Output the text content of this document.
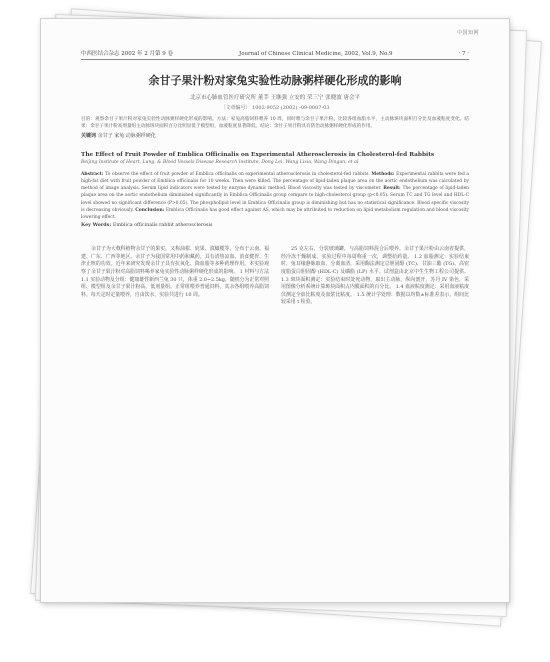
中国知网
中西医结合杂志 2002 年 2 月第 9 卷	Journal of Chinese Clinical Medicine, 2002, Vol.9, No.9	· 7 ·
余甘子果汁粉对家兔实验性动脉粥样硬化形成的影响
北京市心肺血管医疗研究所 董莘 王继强 立安的 荣三宁 张晓波 唐会平
〔文章编号〕 1002-9052 (2002) -09-0007-03
目的：观察余甘子果汁粉对家兔实验性动脉粥样硬化形成的影响。方法：家兔高脂饲料喂养 10 周，同时喂与余甘子果汁粉。比较各组血脂水平，主动脉斑块面积百分比及血液粘度变化。结果：余甘子果汁粉高剂量组主动脉斑块面积百分比明显低于模型组，血液粘度显著降低。结论：余甘子果汁粉具有防治动脉粥样硬化形成的作用。
关键词 余甘子 家兔 动脉粥样硬化
The Effect of Fruit Powder of Emblica Officinalis on Experimental Atherosclerosis in Cholesterol-fed Rabbits
Beijing Institute of Heart, Lung, & Blood Vessels Disease Research Institute, Dong Lei, Wang Lixia, Wang Dingan, et al
Abstract: To observe the effect of fruit powder of Emblica officinalis on experimental atherosclerosis in cholesterol-fed rabbits. Methods: Experimental rabbits were fed a high-fat diet with fruit powder of Emblica officinalis for 10 weeks. Then were killed. The percentage of lipid-laden plaque area on the aortic endothelium was calculated by method of image analysis. Serum lipid indicators were tested by enzyme dynamic method. Blood viscosity was tested by viscometer. Result: The percentage of lipid-laden plaque area on the aortic endothelium diminished significantly in Emblica Officinalis group compare to high-cholesterol group (p<0.05). Serum TC and TG level and HDL-C level showed no significant difference (P>0.05). The phospholipid level in Emblica Officinalis group is diminishing but has no statistical significance. Blood specific viscosity is decreasing obviously. Conclusion: Emblica Officinalis has good effect against AS, which may be attributed to reduction on lipid metabolism regulation and blood viscosity lowering effect.
Key Words: Emblica officinalis rabbit atherosclerosis

余甘子为大戟科植物余甘子的果实，又称油柑、庇果、滇橄榄等，分布于云南、福建、广东、广西等地区。余甘子为我国常用中药和藏药，具有清热凉血、消食健胃、生津止咳的功效。近年来研究发现余甘子具有抗氧化、降血脂等多种药理作用。本实验观察了余甘子果汁粉对高脂饲料喝养家兔实验性动脉粥样硬化形成的影响。 1 材料与方法 1.1 实验动物及分组：健康雄性新西兰兔 30 只，体重 2.0~2.5kg，随机分为正常对照组、模型组及余甘子果汁粉高、低剂量组。正常组喂养普通饲料，其余各组喂养高脂饲料。每天定时定量喂养，自由饮水，实验共进行 10 周。

25 克左右，分装玻璃罐，与高脂饲料混合后喂养。余甘子果汁粉由云南省提供，经冷冻干燥制成。实验过程中每周称重一次，调整给药量。 1.2 血脂测定：实验结束时，兔耳缘静脉取血，分离血清，采用酶法测定总胆固醇 (TC)、甘油三酯 (TG)、高密度脂蛋白胆固醇 (HDL-C) 及磷脂 (LP) 水平。试剂盒由北京中生生物工程公司提供。 1.3 斑块面积测定：实验结束时处死动物，取出主动脉，纵向剖开，苏丹 IV 染色，采用图像分析系统计算斑块面积占内膜面积的百分比。 1.4 血液粘度测定：采用血液粘度仪测定全血比粘度及血浆比粘度。 1.5 统计学处理：数据以均数±标准差表示，组间比较采用 t 检验。
